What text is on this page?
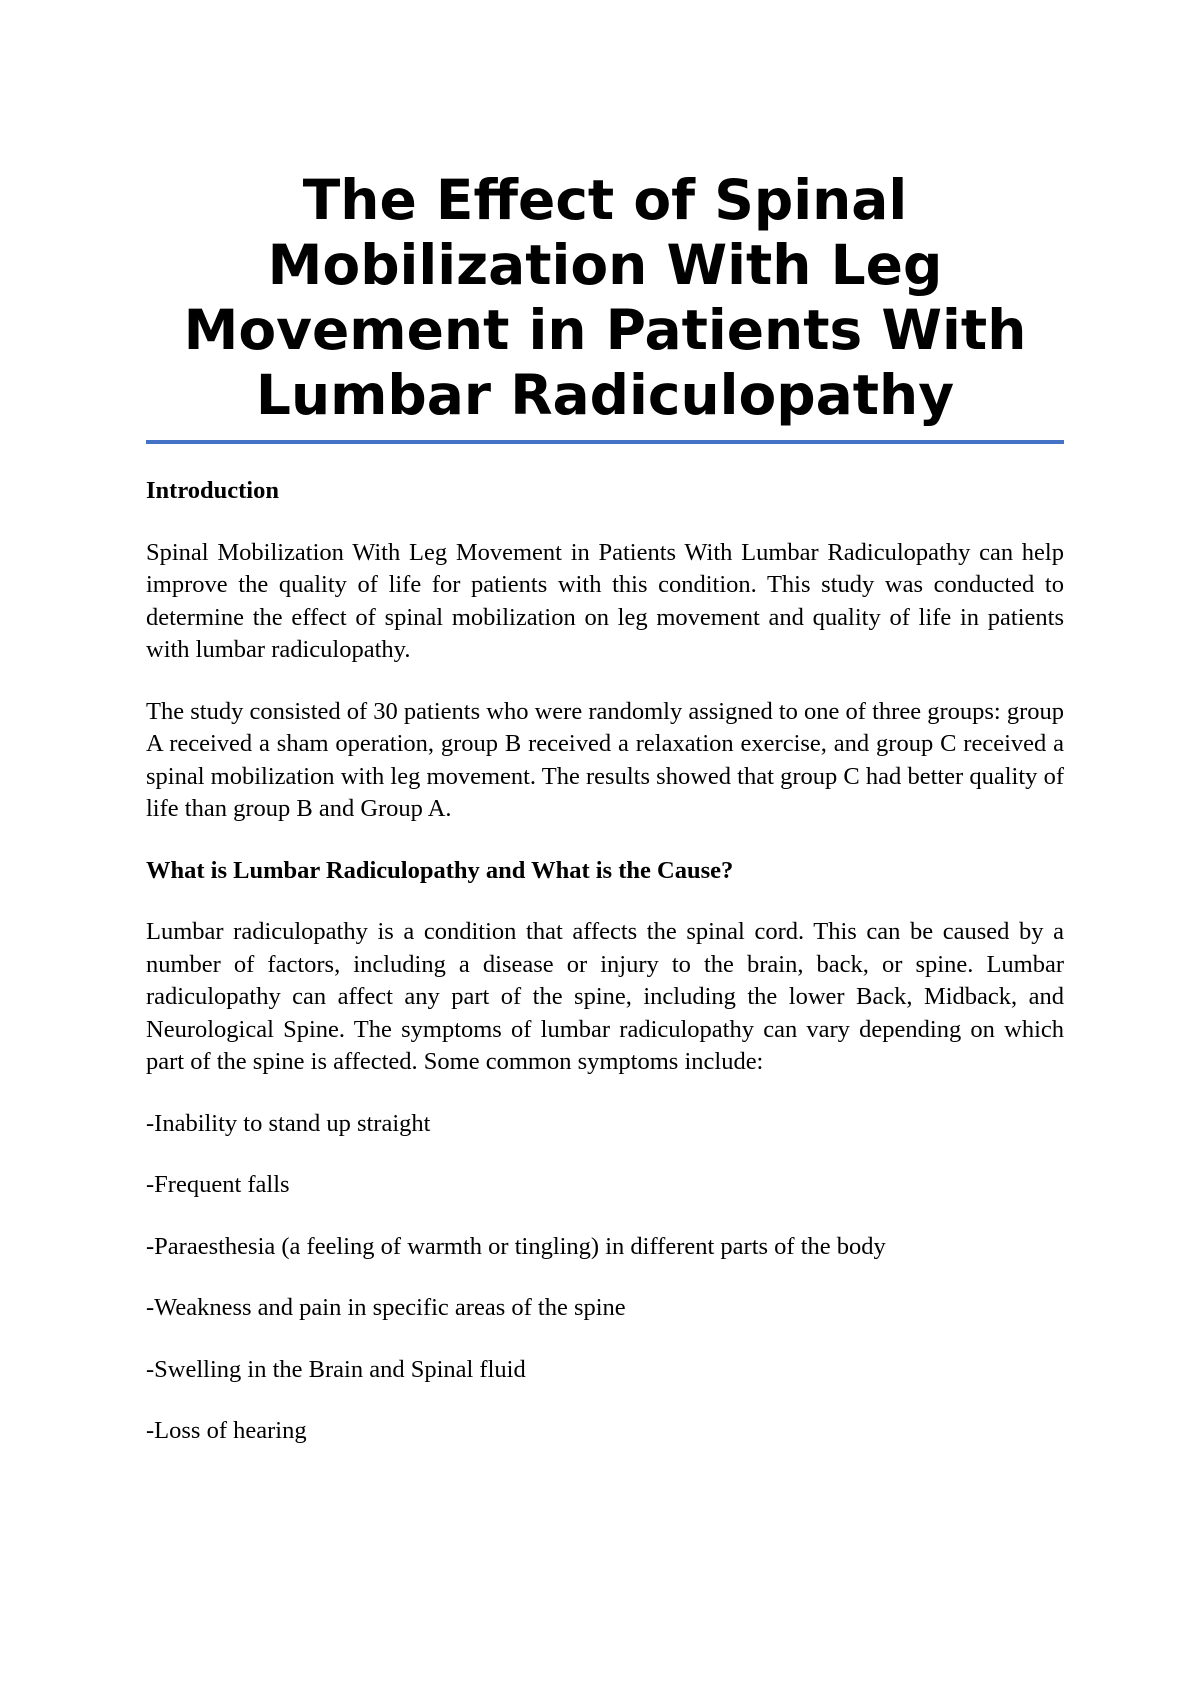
The Effect of Spinal Mobilization With Leg Movement in Patients With Lumbar Radiculopathy

Introduction

Spinal Mobilization With Leg Movement in Patients With Lumbar Radiculopathy can help improve the quality of life for patients with this condition. This study was conducted to determine the effect of spinal mobilization on leg movement and quality of life in patients with lumbar radiculopathy.

The study consisted of 30 patients who were randomly assigned to one of three groups: group A received a sham operation, group B received a relaxation exercise, and group C received a spinal mobilization with leg movement. The results showed that group C had better quality of life than group B and Group A.

What is Lumbar Radiculopathy and What is the Cause?

Lumbar radiculopathy is a condition that affects the spinal cord. This can be caused by a number of factors, including a disease or injury to the brain, back, or spine. Lumbar radiculopathy can affect any part of the spine, including the lower Back, Midback, and Neurological Spine. The symptoms of lumbar radiculopathy can vary depending on which part of the spine is affected. Some common symptoms include:

-Inability to stand up straight

-Frequent falls

-Paraesthesia (a feeling of warmth or tingling) in different parts of the body

-Weakness and pain in specific areas of the spine

-Swelling in the Brain and Spinal fluid

-Loss of hearing
